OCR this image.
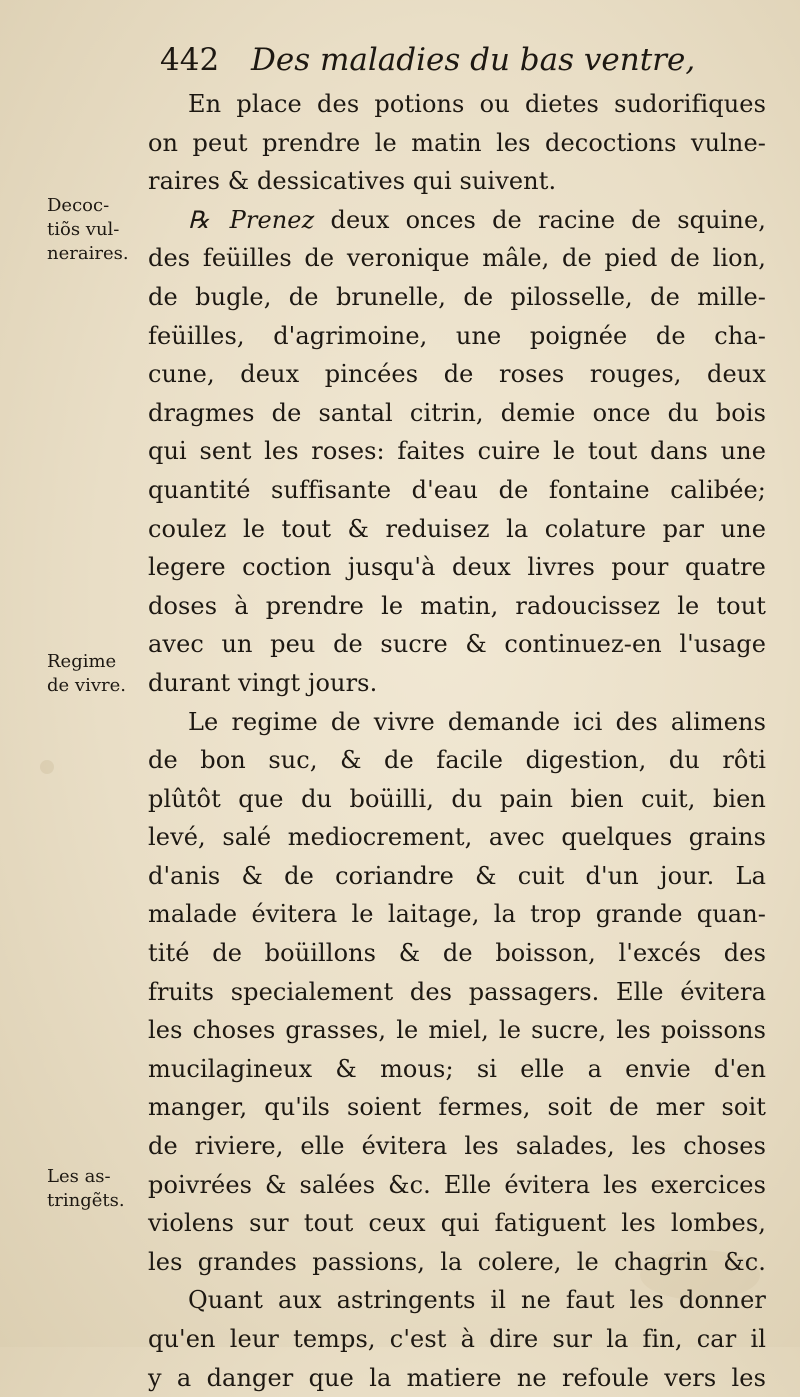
442 Des maladies du bas ventre,
Decoc-
tiõs vul-
neraires.
Regime
de vivre.
Les as-
tringẽts.
En place des potions ou dietes sudorifiques
on peut prendre le matin les decoctions vulne-
raires & dessicatives qui suivent.
℞ Prenez deux onces de racine de squine,
des feüilles de veronique mâle, de pied de lion,
de bugle, de brunelle, de pilosselle, de mille-
feüilles, d'agrimoine, une poignée de cha-
cune, deux pincées de roses rouges, deux
dragmes de santal citrin, demie once du bois
qui sent les roses: faites cuire le tout dans une
quantité suffisante d'eau de fontaine calibée;
coulez le tout & reduisez la colature par une
legere coction jusqu'à deux livres pour quatre
doses à prendre le matin, radoucissez le tout
avec un peu de sucre & continuez-en l'usage
durant vingt jours.
Le regime de vivre demande ici des alimens
de bon suc, & de facile digestion, du rôti
plûtôt que du boüilli, du pain bien cuit, bien
levé, salé mediocrement, avec quelques grains
d'anis & de coriandre & cuit d'un jour. La
malade évitera le laitage, la trop grande quan-
tité de boüillons & de boisson, l'excés des
fruits specialement des passagers. Elle évitera
les choses grasses, le miel, le sucre, les poissons
mucilagineux & mous; si elle a envie d'en
manger, qu'ils soient fermes, soit de mer soit
de riviere, elle évitera les salades, les choses
poivrées & salées &c. Elle évitera les exercices
violens sur tout ceux qui fatiguent les lombes,
les grandes passions, la colere, le chagrin &c.
Quant aux astringents il ne faut les donner
qu'en leur temps, c'est à dire sur la fin, car il
y a danger que la matiere ne refoule vers les
